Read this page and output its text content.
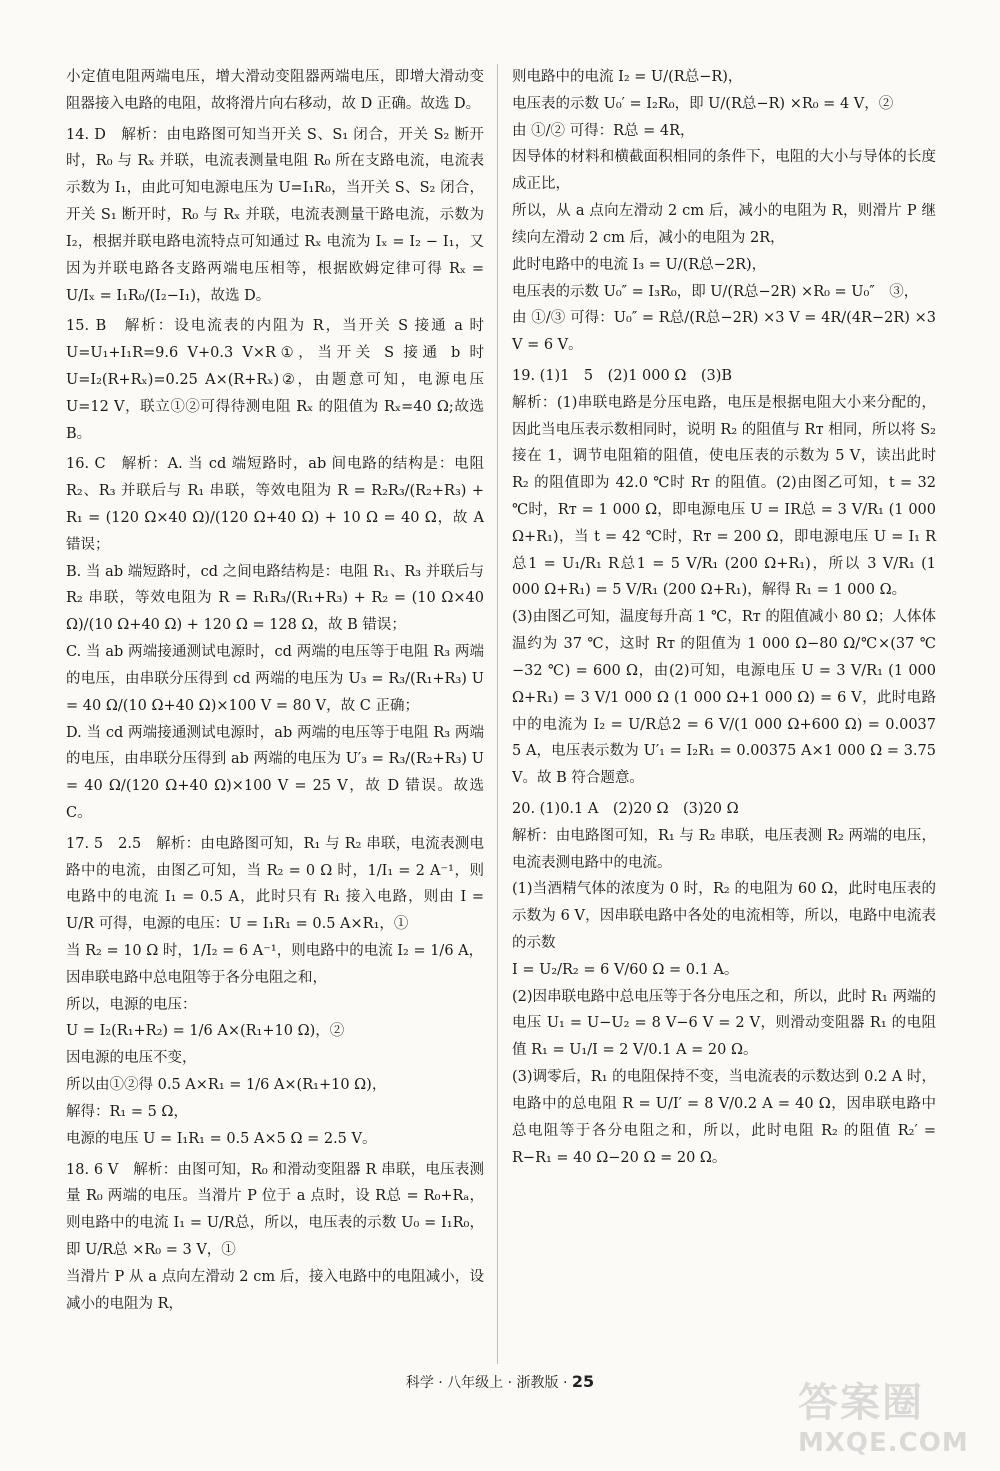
小定值电阻两端电压，增大滑动变阻器两端电压，即增大滑动变阻器接入电路的电阻，故将滑片向右移动，故 D 正确。故选 D。

14. D　解析：由电路图可知当开关 S、S₁ 闭合，开关 S₂ 断开时，R₀ 与 Rₓ 并联，电流表测量电阻 R₀ 所在支路电流，电流表示数为 I₁，由此可知电源电压为 U=I₁R₀，当开关 S、S₂ 闭合，开关 S₁ 断开时，R₀ 与 Rₓ 并联，电流表测量干路电流，示数为 I₂，根据并联电路电流特点可知通过 Rₓ 电流为 Iₓ = I₂ − I₁，又因为并联电路各支路两端电压相等，根据欧姆定律可得 Rₓ = U/Iₓ = I₁R₀/(I₂−I₁)，故选 D。

15. B　解析：设电流表的内阻为 R，当开关 S 接通 a 时 U=U₁+I₁R=9.6 V+0.3 V×R①，当开关 S 接通 b 时 U=I₂(R+Rₓ)=0.25 A×(R+Rₓ)②，由题意可知，电源电压 U=12 V，联立①②可得待测电阻 Rₓ 的阻值为 Rₓ=40 Ω;故选 B。

16. C　解析：A. 当 cd 端短路时，ab 间电路的结构是：电阻 R₂、R₃ 并联后与 R₁ 串联，等效电阻为 R = R₂R₃/(R₂+R₃) + R₁ = (120 Ω×40 Ω)/(120 Ω+40 Ω) + 10 Ω = 40 Ω，故 A 错误；

B. 当 ab 端短路时，cd 之间电路结构是：电阻 R₁、R₃ 并联后与 R₂ 串联，等效电阻为 R = R₁R₃/(R₁+R₃) + R₂ = (10 Ω×40 Ω)/(10 Ω+40 Ω) + 120 Ω = 128 Ω，故 B 错误；

C. 当 ab 两端接通测试电源时，cd 两端的电压等于电阻 R₃ 两端的电压，由串联分压得到 cd 两端的电压为 U₃ = R₃/(R₁+R₃) U = 40 Ω/(10 Ω+40 Ω)×100 V = 80 V，故 C 正确；

D. 当 cd 两端接通测试电源时，ab 两端的电压等于电阻 R₃ 两端的电压，由串联分压得到 ab 两端的电压为 U′₃ = R₃/(R₂+R₃) U = 40 Ω/(120 Ω+40 Ω)×100 V = 25 V，故 D 错误。故选 C。

17. 5　2.5　解析：由电路图可知，R₁ 与 R₂ 串联，电流表测电路中的电流，由图乙可知，当 R₂ = 0 Ω 时，1/I₁ = 2 A⁻¹，则电路中的电流 I₁ = 0.5 A，此时只有 R₁ 接入电路，则由 I = U/R 可得，电源的电压：U = I₁R₁ = 0.5 A×R₁，①

当 R₂ = 10 Ω 时，1/I₂ = 6 A⁻¹，则电路中的电流 I₂ = 1/6 A，

因串联电路中总电阻等于各分电阻之和，

所以，电源的电压：

U = I₂(R₁+R₂) = 1/6 A×(R₁+10 Ω)，②

因电源的电压不变，

所以由①②得 0.5 A×R₁ = 1/6 A×(R₁+10 Ω)，

解得：R₁ = 5 Ω，

电源的电压 U = I₁R₁ = 0.5 A×5 Ω = 2.5 V。

18. 6 V　解析：由图可知，R₀ 和滑动变阻器 R 串联，电压表测量 R₀ 两端的电压。当滑片 P 位于 a 点时，设 R总 = R₀+Rₐ，则电路中的电流 I₁ = U/R总，所以，电压表的示数 U₀ = I₁R₀，即 U/R总 ×R₀ = 3 V，①

当滑片 P 从 a 点向左滑动 2 cm 后，接入电路中的电阻减小，设减小的电阻为 R，

则电路中的电流 I₂ = U/(R总−R)，

电压表的示数 U₀′ = I₂R₀，即 U/(R总−R) ×R₀ = 4 V，②

由 ①/② 可得：R总 = 4R，

因导体的材料和横截面积相同的条件下，电阻的大小与导体的长度成正比，

所以，从 a 点向左滑动 2 cm 后，减小的电阻为 R，则滑片 P 继续向左滑动 2 cm 后，减小的电阻为 2R，

此时电路中的电流 I₃ = U/(R总−2R)，

电压表的示数 U₀″ = I₃R₀，即 U/(R总−2R) ×R₀ = U₀″　③，

由 ①/③ 可得：U₀″ = R总/(R总−2R) ×3 V = 4R/(4R−2R) ×3 V = 6 V。

19. (1)1　5　(2)1 000 Ω　(3)B

解析：(1)串联电路是分压电路，电压是根据电阻大小来分配的，因此当电压表示数相同时，说明 R₂ 的阻值与 Rᴛ 相同，所以将 S₂ 接在 1，调节电阻箱的阻值，使电压表的示数为 5 V，读出此时 R₂ 的阻值即为 42.0 ℃时 Rᴛ 的阻值。(2)由图乙可知，t = 32 ℃时，Rᴛ = 1 000 Ω，即电源电压 U = IR总 = 3 V/R₁ (1 000 Ω+R₁)，当 t = 42 ℃时，Rᴛ = 200 Ω，即电源电压 U = I₁ R总1 = U₁/R₁ R总1 = 5 V/R₁ (200 Ω+R₁)，所以 3 V/R₁ (1 000 Ω+R₁) = 5 V/R₁ (200 Ω+R₁)，解得 R₁ = 1 000 Ω。

(3)由图乙可知，温度每升高 1 ℃，Rᴛ 的阻值减小 80 Ω；人体体温约为 37 ℃，这时 Rᴛ 的阻值为 1 000 Ω−80 Ω/℃×(37 ℃−32 ℃) = 600 Ω，由(2)可知，电源电压 U = 3 V/R₁ (1 000 Ω+R₁) = 3 V/1 000 Ω (1 000 Ω+1 000 Ω) = 6 V，此时电路中的电流为 I₂ = U/R总2 = 6 V/(1 000 Ω+600 Ω) = 0.0037 5 A，电压表示数为 U′₁ = I₂R₁ = 0.00375 A×1 000 Ω = 3.75 V。故 B 符合题意。

20. (1)0.1 A　(2)20 Ω　(3)20 Ω

解析：由电路图可知，R₁ 与 R₂ 串联，电压表测 R₂ 两端的电压，电流表测电路中的电流。

(1)当酒精气体的浓度为 0 时，R₂ 的电阻为 60 Ω，此时电压表的示数为 6 V，因串联电路中各处的电流相等，所以，电路中电流表的示数

I = U₂/R₂ = 6 V/60 Ω = 0.1 A。

(2)因串联电路中总电压等于各分电压之和，所以，此时 R₁ 两端的电压 U₁ = U−U₂ = 8 V−6 V = 2 V，则滑动变阻器 R₁ 的电阻值 R₁ = U₁/I = 2 V/0.1 A = 20 Ω。

(3)调零后，R₁ 的电阻保持不变，当电流表的示数达到 0.2 A 时，电路中的总电阻 R = U/I′ = 8 V/0.2 A = 40 Ω，因串联电路中总电阻等于各分电阻之和，所以，此时电阻 R₂ 的阻值 R₂′ = R−R₁ = 40 Ω−20 Ω = 20 Ω。

科学 · 八年级上 · 浙教版 · 25	答案圈
MXQE.COM
